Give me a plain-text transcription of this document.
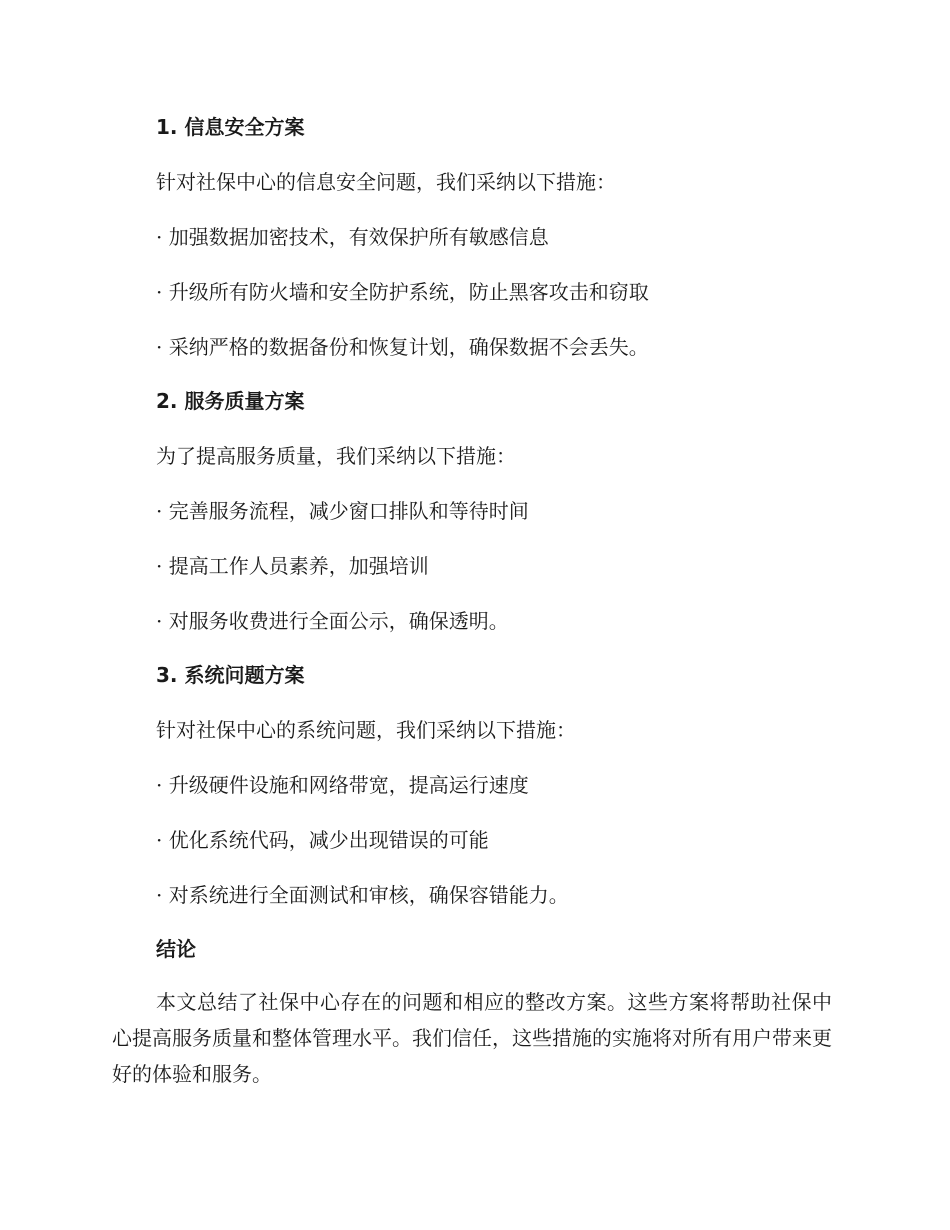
1. 信息安全方案
针对社保中心的信息安全问题，我们采纳以下措施：
· 加强数据加密技术，有效保护所有敏感信息
· 升级所有防火墙和安全防护系统，防止黑客攻击和窃取
· 采纳严格的数据备份和恢复计划，确保数据不会丢失。
2. 服务质量方案
为了提高服务质量，我们采纳以下措施：
· 完善服务流程，减少窗口排队和等待时间
· 提高工作人员素养，加强培训
· 对服务收费进行全面公示，确保透明。
3. 系统问题方案
针对社保中心的系统问题，我们采纳以下措施：
· 升级硬件设施和网络带宽，提高运行速度
· 优化系统代码，减少出现错误的可能
· 对系统进行全面测试和审核，确保容错能力。
结论
本文总结了社保中心存在的问题和相应的整改方案。这些方案将帮助社保中心提高服务质量和整体管理水平。我们信任，这些措施的实施将对所有用户带来更好的体验和服务。
